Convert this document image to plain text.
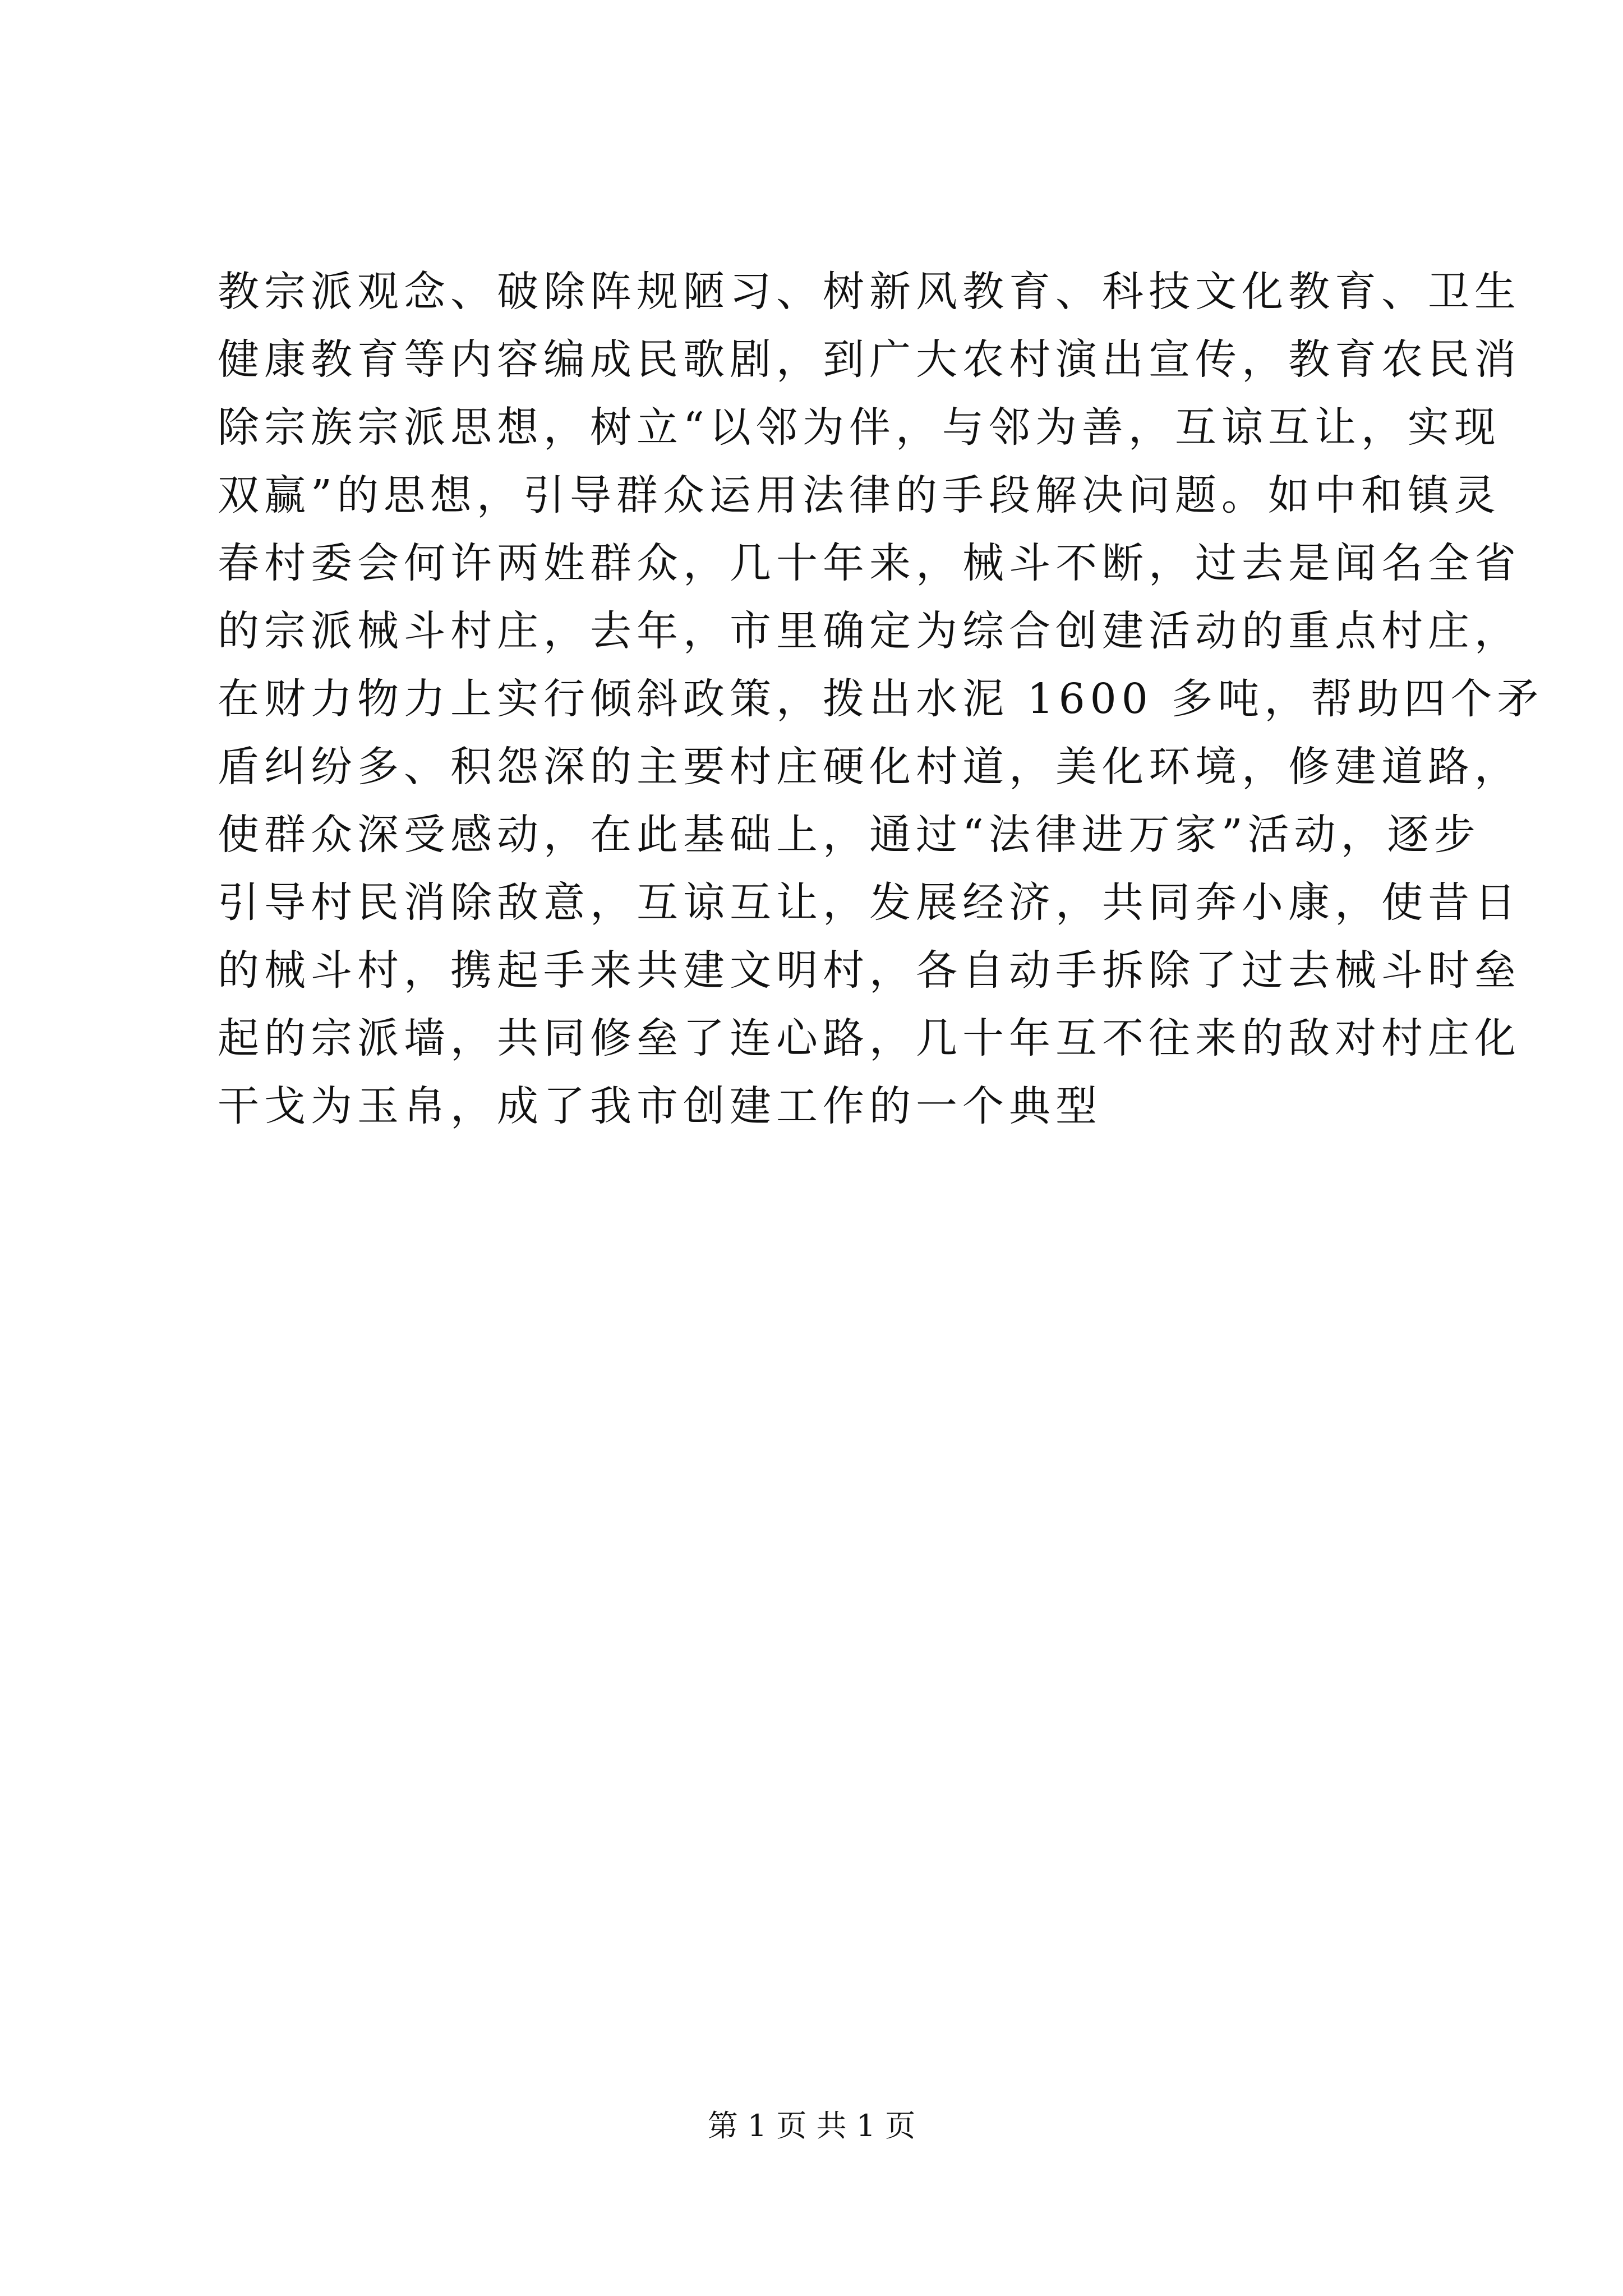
教宗派观念、破除阵规陋习、树新风教育、科技文化教育、卫生
健康教育等内容编成民歌剧，到广大农村演出宣传，教育农民消
除宗族宗派思想，树立“以邻为伴，与邻为善，互谅互让，实现
双赢”的思想，引导群众运用法律的手段解决问题。如中和镇灵
春村委会何许两姓群众，几十年来，械斗不断，过去是闻名全省
的宗派械斗村庄，去年，市里确定为综合创建活动的重点村庄，
在财力物力上实行倾斜政策，拨出水泥 1600 多吨，帮助四个矛
盾纠纷多、积怨深的主要村庄硬化村道，美化环境，修建道路，
使群众深受感动，在此基础上，通过“法律进万家”活动，逐步
引导村民消除敌意，互谅互让，发展经济，共同奔小康，使昔日
的械斗村，携起手来共建文明村，各自动手拆除了过去械斗时垒
起的宗派墙，共同修垒了连心路，几十年互不往来的敌对村庄化
干戈为玉帛，成了我市创建工作的一个典型
第 1 页 共 1 页
